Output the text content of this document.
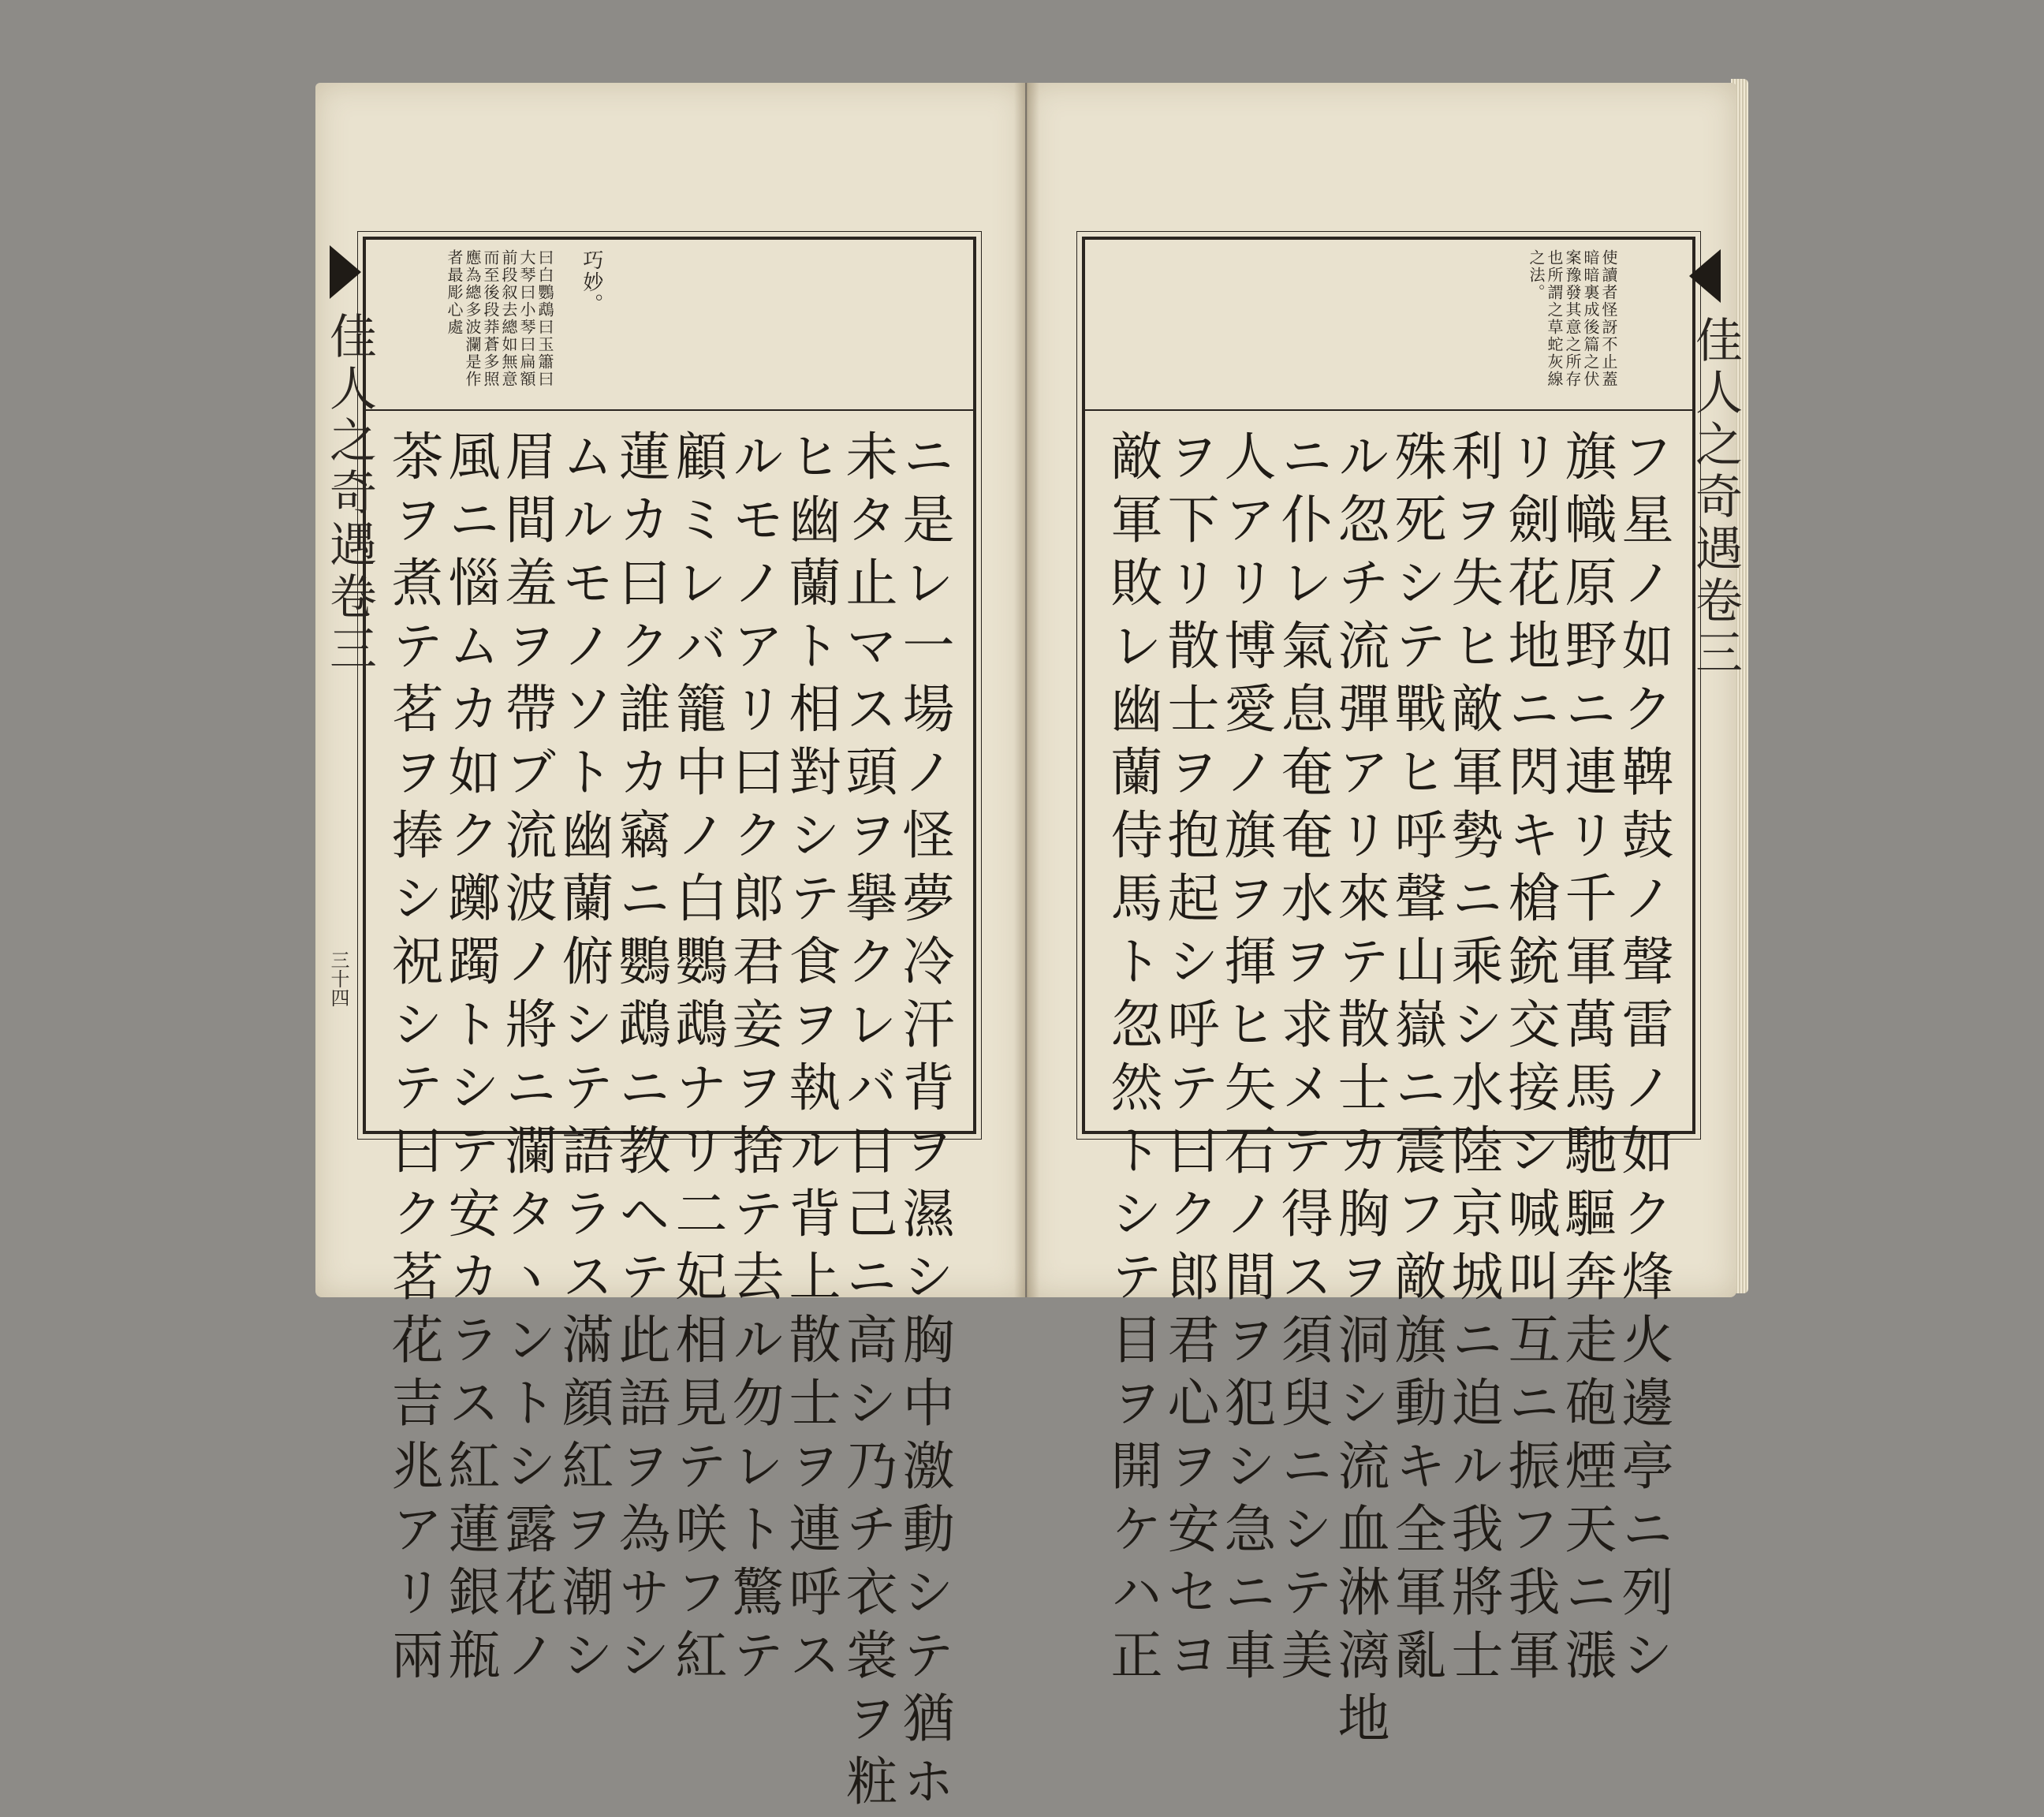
巧妙。
曰白鸚鵡曰玉簫曰大琴曰小琴曰扁額前段叙去總如無意而至後段莽蒼多照應為總多波瀾是作者最彫心處
ニ是レ一場ノ怪夢冷汗背ヲ濕シ胸中激動シテ猶ホ
未タ止マス頭ヲ擧クレバ日己ニ高シ乃チ衣裳ヲ粧
ヒ幽蘭ト相對シテ食ヲ執ル背上散士ヲ連呼ス
ルモノアリ曰ク郎君妾ヲ捨テ去ル勿レト驚テ
顧ミレバ籠中ノ白鸚鵡ナリ二妃相見テ咲フ紅
蓮カ曰ク誰カ竊ニ鸚鵡ニ教ヘテ此語ヲ為サシ
ムルモノソト幽蘭俯シテ語ラス滿顔紅ヲ潮シ
眉間羞ヲ帶ブ流波ノ將ニ瀾タヽントシ露花ノ
風ニ惱ムカ如ク躑躅トシテ安カラス紅蓮銀瓶
茶ヲ煮テ茗ヲ捧シ祝シテ曰ク茗花吉兆アリ兩
佳人之奇遇卷三
三十四
使讀者怪訝不止蓋暗暗裏成後篇之伏案豫發其意之所存也所謂之草蛇灰線之法。
フ星ノ如ク鞞鼓ノ聲雷ノ如ク烽火邊亭ニ列シ
旗幟原野ニ連リ千軍萬馬馳驅奔走砲煙天ニ漲
リ劍花地ニ閃キ槍銃交接シ喊叫互ニ振フ我軍
利ヲ失ヒ敵軍勢ニ乘シ水陸京城ニ迫ル我將士
殊死シテ戰ヒ呼聲山嶽ニ震フ敵旗動キ全軍亂
ル忽チ流彈アリ來テ散士カ胸ヲ洞シ流血淋漓地
ニ仆レ氣息奄奄水ヲ求メテ得ス須臾ニシテ美
人アリ博愛ノ旗ヲ揮ヒ矢石ノ間ヲ犯シ急ニ車
ヲ下リ散士ヲ抱起シ呼テ曰ク郎君心ヲ安セヨ
敵軍敗レ幽蘭侍馬ト忽然トシテ目ヲ開ケハ正	佳人之奇遇卷三
